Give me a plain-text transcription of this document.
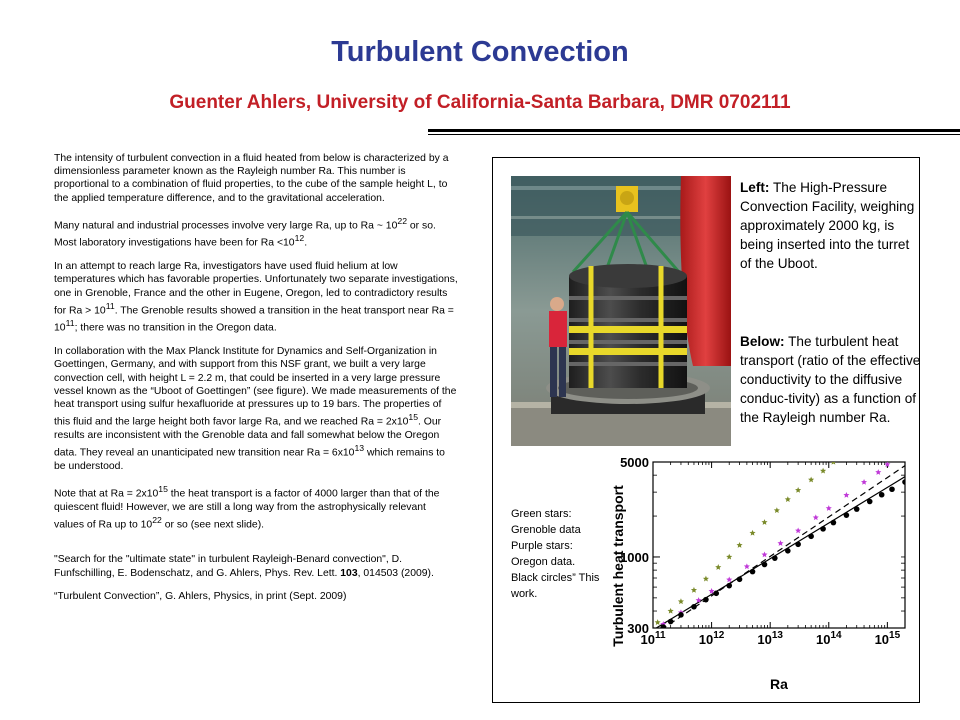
Turbulent Convection
Guenter Ahlers, University of California-Santa Barbara, DMR 0702111

The intensity of turbulent convection in a fluid heated from below is characterized by a dimensionless parameter known as the Rayleigh number Ra. This number is proportional to a combination of fluid properties, to the cube of the sample height L, to the applied temperature difference, and to the gravitational acceleration.

Many natural and industrial processes involve very large Ra, up to Ra ~ $10^{22}$ or so. Most laboratory investigations have been for $Ra <10^{12}$.

In an attempt to reach large Ra, investigators have used fluid helium at low temperatures which has favorable properties. Unfortunately two separate investigations, one in Grenoble, France and the other in Eugene, Oregon, led to contradictory results for $Ra > 10^{11}$. The Grenoble results showed a transition in the heat transport near $Ra = 10^{11}$; there was no transition in the Oregon data.

In collaboration with the Max Planck Institute for Dynamics and Self-Organization in Goettingen, Germany, and with support from this NSF grant, we built a very large convection cell, with height L = 2.2 m, that could be inserted in a very large pressure vessel known as the “Uboot of Goettingen” (see figure). We made measurements of the heat transport using sulfur hexafluoride at pressures up to 19 bars. The properties of this fluid and the large height both favor large Ra, and we reached $Ra = 2x10^{15}$. Our results are inconsistent with the Grenoble data and fall somewhat below the Oregon data. They reveal an unanticipated new transition near $Ra = 6x10^{13}$ which remains to be understood.

Note that at $Ra = 2x10^{15}$ the heat transport is a factor of 4000 larger than that of the quiescent fluid! However, we are still a long way from the astrophysically relevant values of Ra up to $10^{22}$ or so (see next slide).

"Search for the "ultimate state" in turbulent Rayleigh-Benard convection", D. Funfschilling, E. Bodenschatz, and G. Ahlers, Phys. Rev. Lett. 103, 014503 (2009).

“Turbulent Convection”, G. Ahlers, Physics, in print (Sept. 2009)

Left: The High-Pressure Convection Facility, weighing approximately 2000 kg, is being inserted into the turret of the Uboot.
Below: The turbulent heat transport (ratio of the effective conductivity to the diffusive conduc-tivity) as a function of the Rayleigh number Ra.
Green stars: Grenoble data Purple stars: Oregon data. Black circles” This work.	Turbulent heat transport
Ra
$10^{11}$	$10^{12}$	$10^{13}$	$10^{14}$	$10^{15}$
300
1000
5000
